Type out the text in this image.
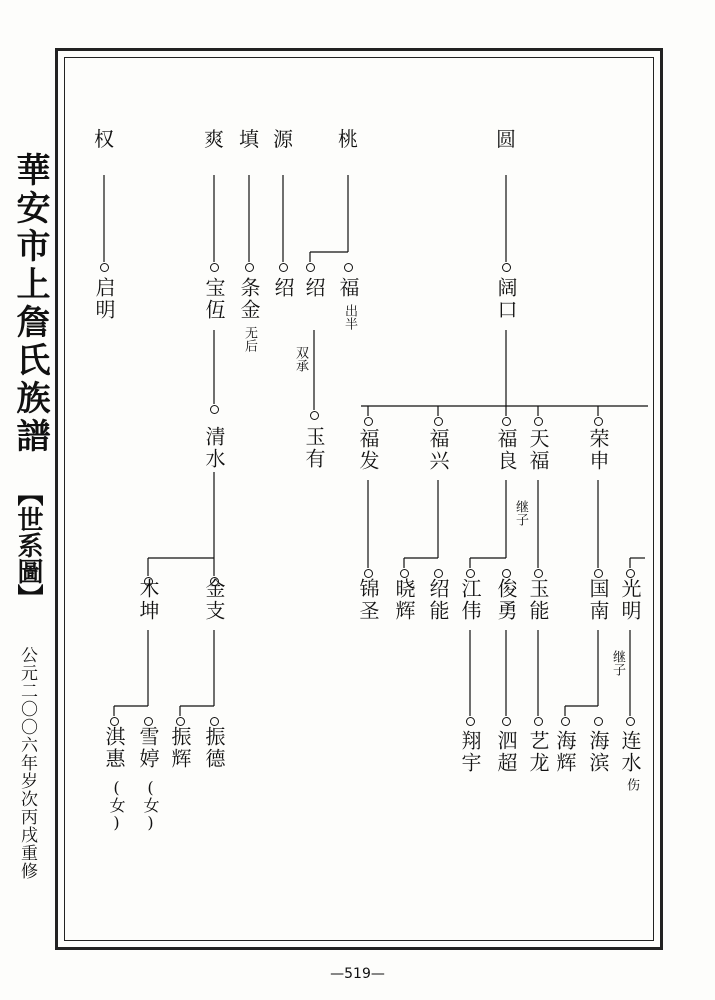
華安市上詹氏族譜
【世系圖】
公元二〇〇六年岁次丙戌重修
—519—
权	爽 填 源 桃	圆
启明	宝仾 条金
无后
绍 绍 福
出半	阔口
双承
清水	玉有 福发 福兴 福良 天福 荣申
木坤 金支	锦圣 晓辉 绍能 江伟 俊勇
继子
玉能 国南 光明
继子
淇惠
(女)
雪婷
(女)
振辉 振德	翔宇 泗超 艺龙 海辉 海滨 连水
伤
